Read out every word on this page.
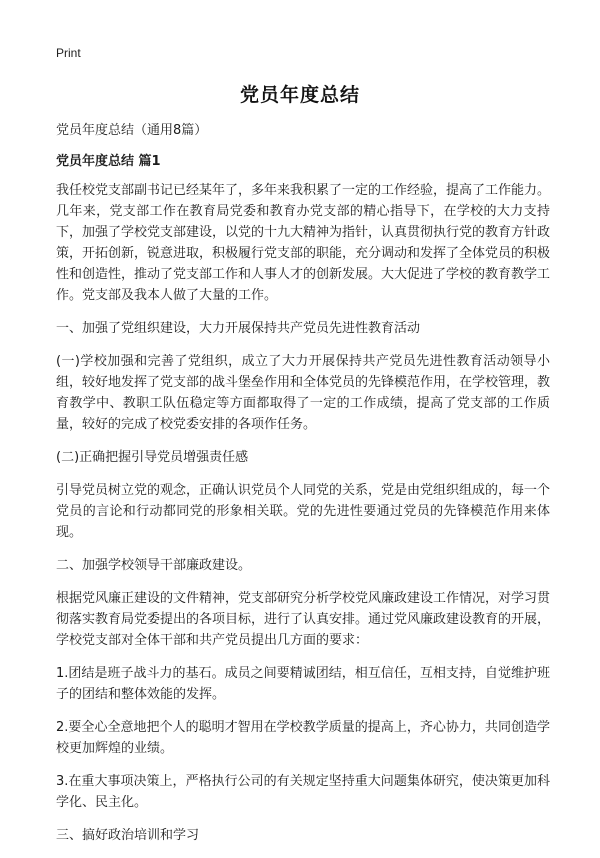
Print
党员年度总结

党员年度总结（通用8篇）

党员年度总结 篇1

我任校党支部副书记已经某年了，多年来我积累了一定的工作经验，提高了工作能力。几年来，党支部工作在教育局党委和教育办党支部的精心指导下，在学校的大力支持下，加强了学校党支部建设，以党的十九大精神为指针，认真贯彻执行党的教育方针政策，开拓创新，锐意进取，积极履行党支部的职能，充分调动和发挥了全体党员的积极性和创造性，推动了党支部工作和人事人才的创新发展。大大促进了学校的教育教学工作。党支部及我本人做了大量的工作。

一、加强了党组织建设，大力开展保持共产党员先进性教育活动

(一)学校加强和完善了党组织，成立了大力开展保持共产党员先进性教育活动领导小组，较好地发挥了党支部的战斗堡垒作用和全体党员的先锋模范作用，在学校管理，教育教学中、教职工队伍稳定等方面都取得了一定的工作成绩，提高了党支部的工作质量，较好的完成了校党委安排的各项作任务。

(二)正确把握引导党员增强责任感

引导党员树立党的观念，正确认识党员个人同党的关系，党是由党组织组成的，每一个党员的言论和行动都同党的形象相关联。党的先进性要通过党员的先锋模范作用来体现。

二、加强学校领导干部廉政建设。

根据党风廉正建设的文件精神，党支部研究分析学校党风廉政建设工作情况，对学习贯彻落实教育局党委提出的各项目标，进行了认真安排。通过党风廉政建设教育的开展，学校党支部对全体干部和共产党员提出几方面的要求：

1.团结是班子战斗力的基石。成员之间要精诚团结，相互信任，互相支持，自觉维护班子的团结和整体效能的发挥。

2.要全心全意地把个人的聪明才智用在学校教学质量的提高上，齐心协力，共同创造学校更加辉煌的业绩。

3.在重大事项决策上，严格执行公司的有关规定坚持重大问题集体研究，使决策更加科学化、民主化。

三、搞好政治培训和学习
